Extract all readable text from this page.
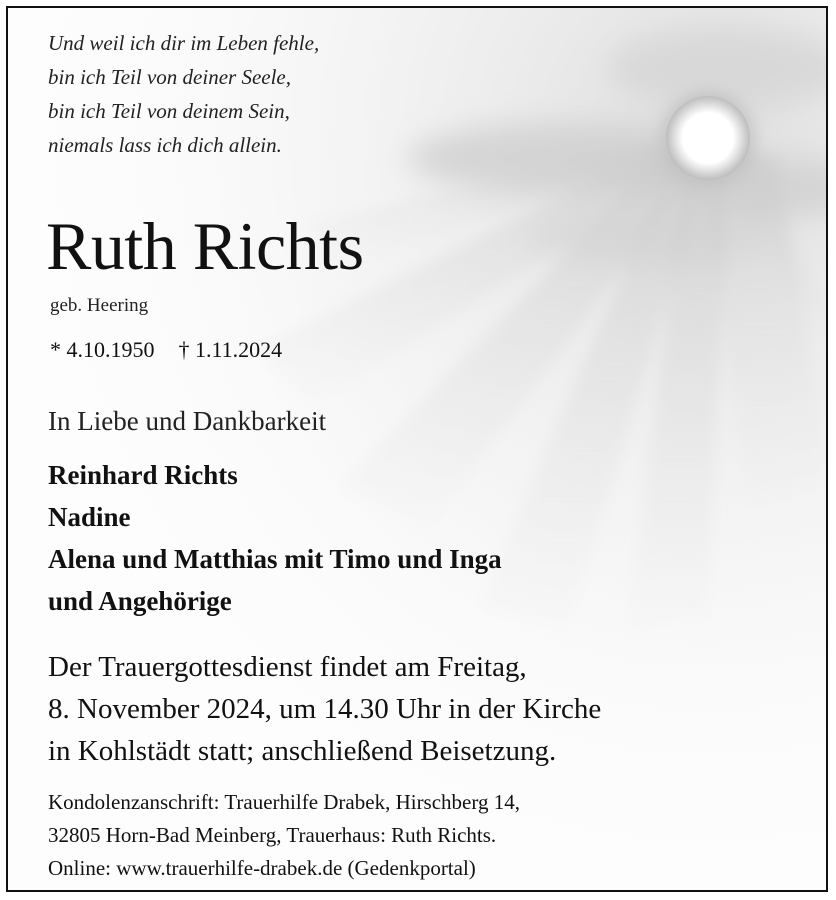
Und weil ich dir im Leben fehle,
bin ich Teil von deiner Seele,
bin ich Teil von deinem Sein,
niemals lass ich dich allein.
Ruth Richts
geb. Heering
* 4.10.1950 † 1.11.2024
In Liebe und Dankbarkeit
Reinhard Richts
Nadine
Alena und Matthias mit Timo und Inga
und Angehörige
Der Trauergottesdienst findet am Freitag,
8. November 2024, um 14.30 Uhr in der Kirche
in Kohlstädt statt; anschließend Beisetzung.
Kondolenzanschrift: Trauerhilfe Drabek, Hirschberg 14,
32805 Horn-Bad Meinberg, Trauerhaus: Ruth Richts.
Online: www.trauerhilfe-drabek.de (Gedenkportal)
